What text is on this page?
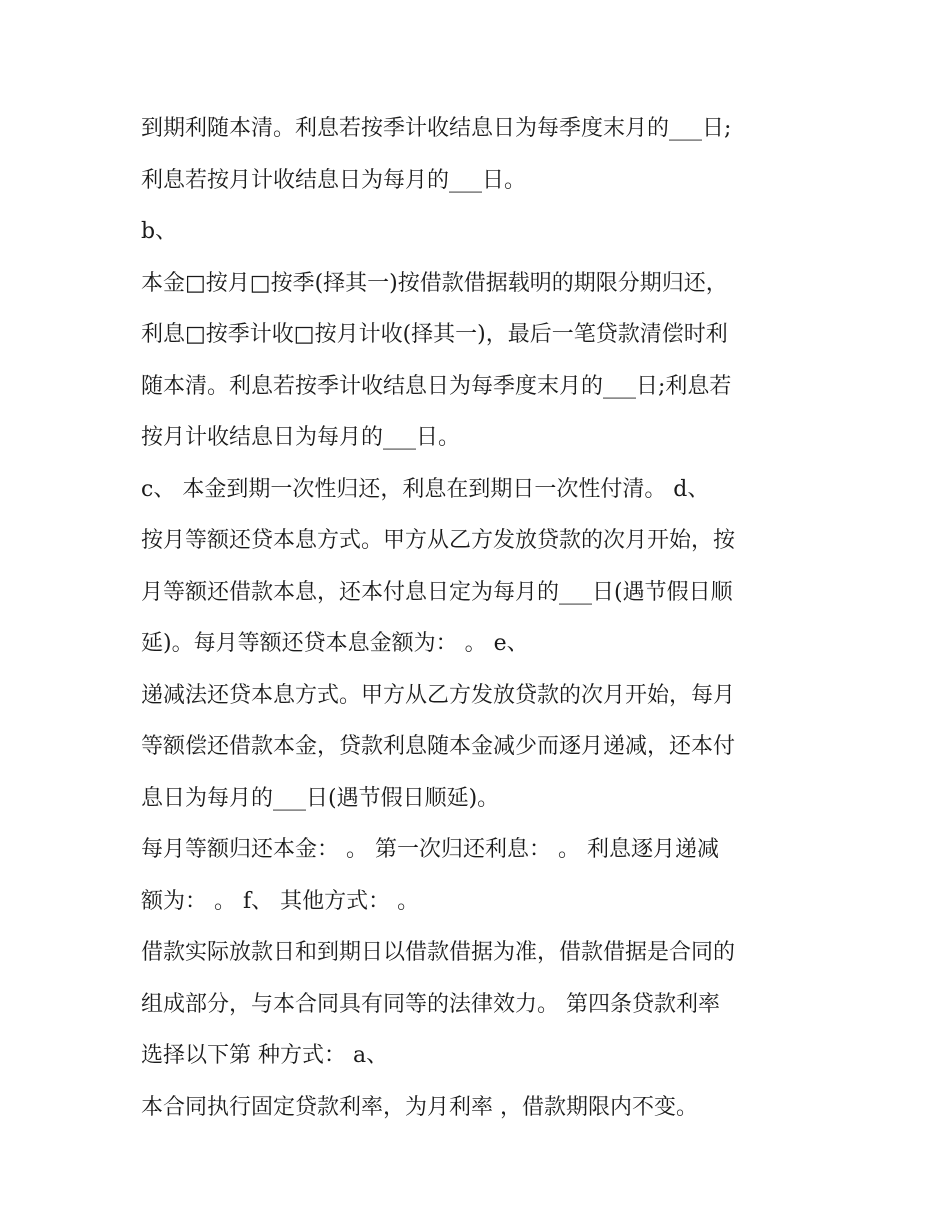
到期利随本清。利息若按季计收结息日为每季度末月的___日;
利息若按月计收结息日为每月的___日。
b、
本金□按月□按季(择其一)按借款借据载明的期限分期归还，
利息□按季计收□按月计收(择其一)，最后一笔贷款清偿时利
随本清。利息若按季计收结息日为每季度末月的___日;利息若
按月计收结息日为每月的___日。
c、 本金到期一次性归还，利息在到期日一次性付清。 d、
按月等额还贷本息方式。甲方从乙方发放贷款的次月开始，按
月等额还借款本息，还本付息日定为每月的___日(遇节假日顺
延)。每月等额还贷本息金额为： 。 e、
递减法还贷本息方式。甲方从乙方发放贷款的次月开始，每月
等额偿还借款本金，贷款利息随本金减少而逐月递减，还本付
息日为每月的___日(遇节假日顺延)。
每月等额归还本金： 。 第一次归还利息： 。 利息逐月递减
额为： 。 f、 其他方式： 。
借款实际放款日和到期日以借款借据为准，借款借据是合同的
组成部分，与本合同具有同等的法律效力。 第四条贷款利率
选择以下第 种方式： a、
本合同执行固定贷款利率，为月利率 ，借款期限内不变。
